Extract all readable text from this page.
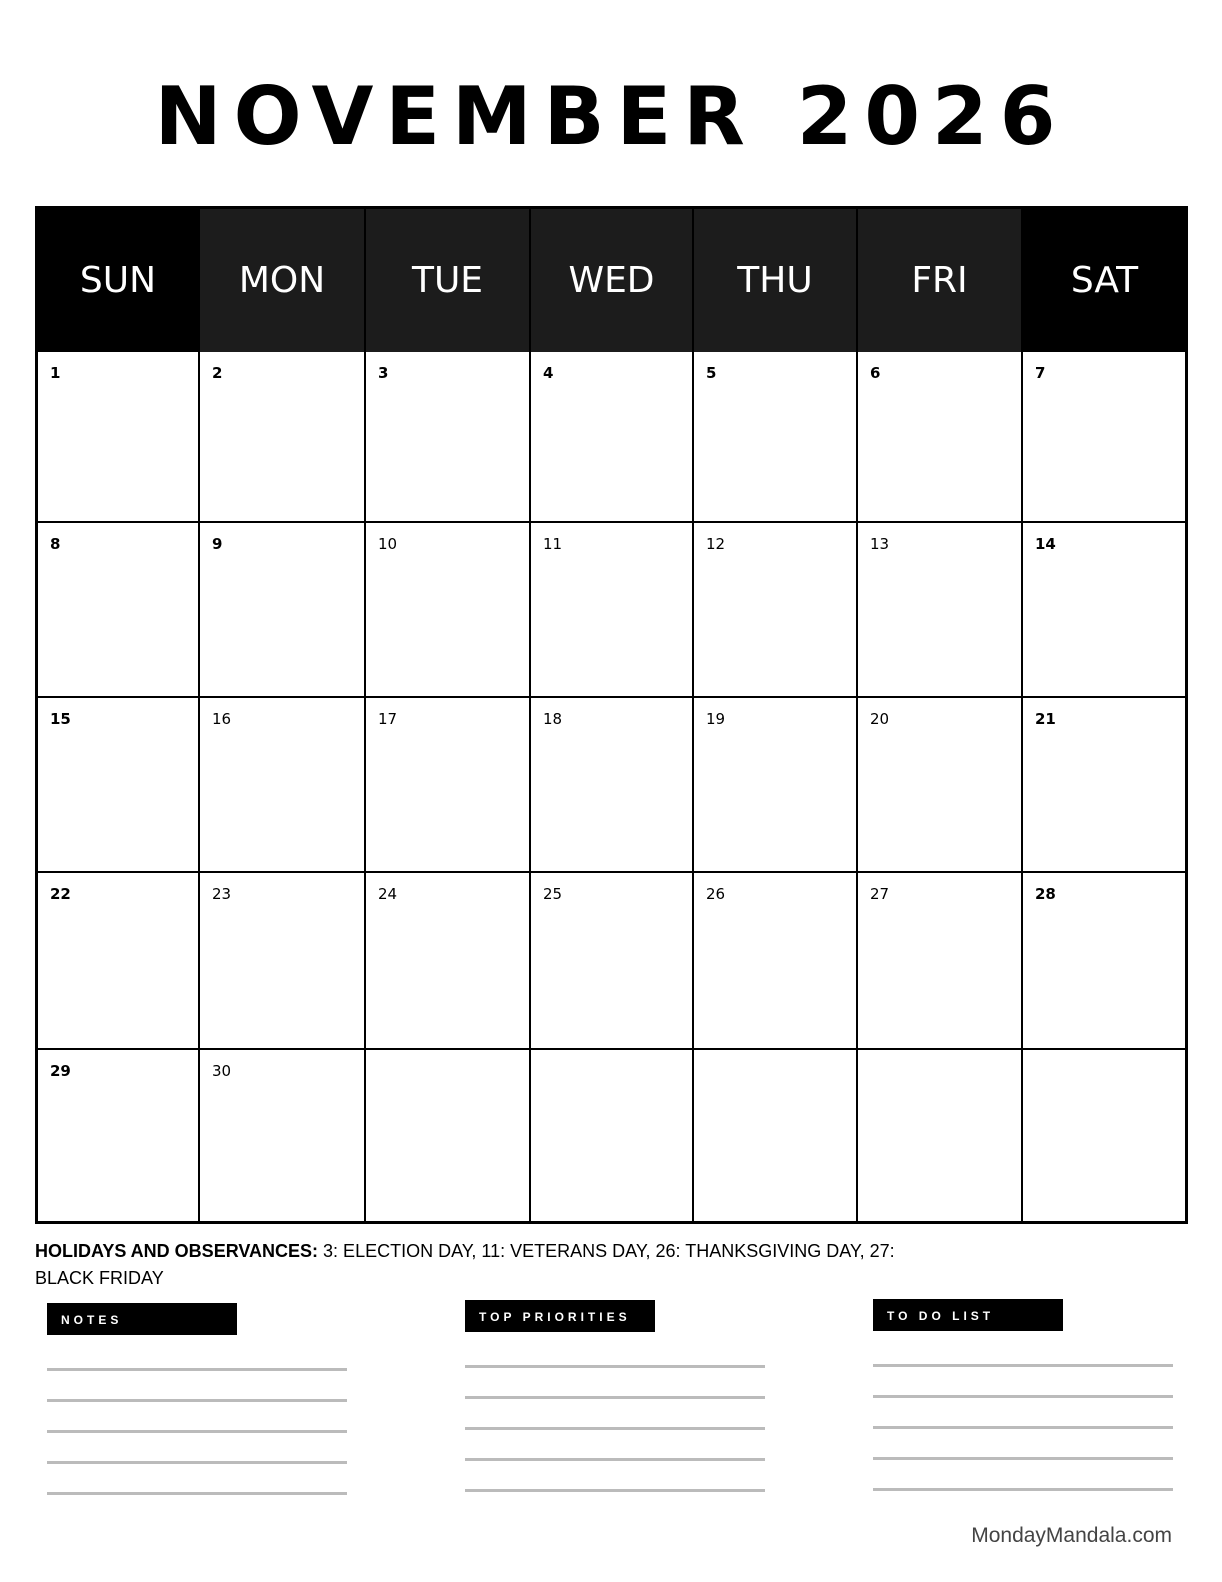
NOVEMBER 2026
SUN	MON	TUE	WED	THU	FRI	SAT
1	2	3	4	5	6	7
8	9	10	11	12	13	14
15	16	17	18	19	20	21
22	23	24	25	26	27	28
29	30
HOLIDAYS AND OBSERVANCES: 3: ELECTION DAY, 11: VETERANS DAY, 26: THANKSGIVING DAY, 27: BLACK FRIDAY
NOTES	TOP PRIORITIES	TO DO LIST
MondayMandala.com
